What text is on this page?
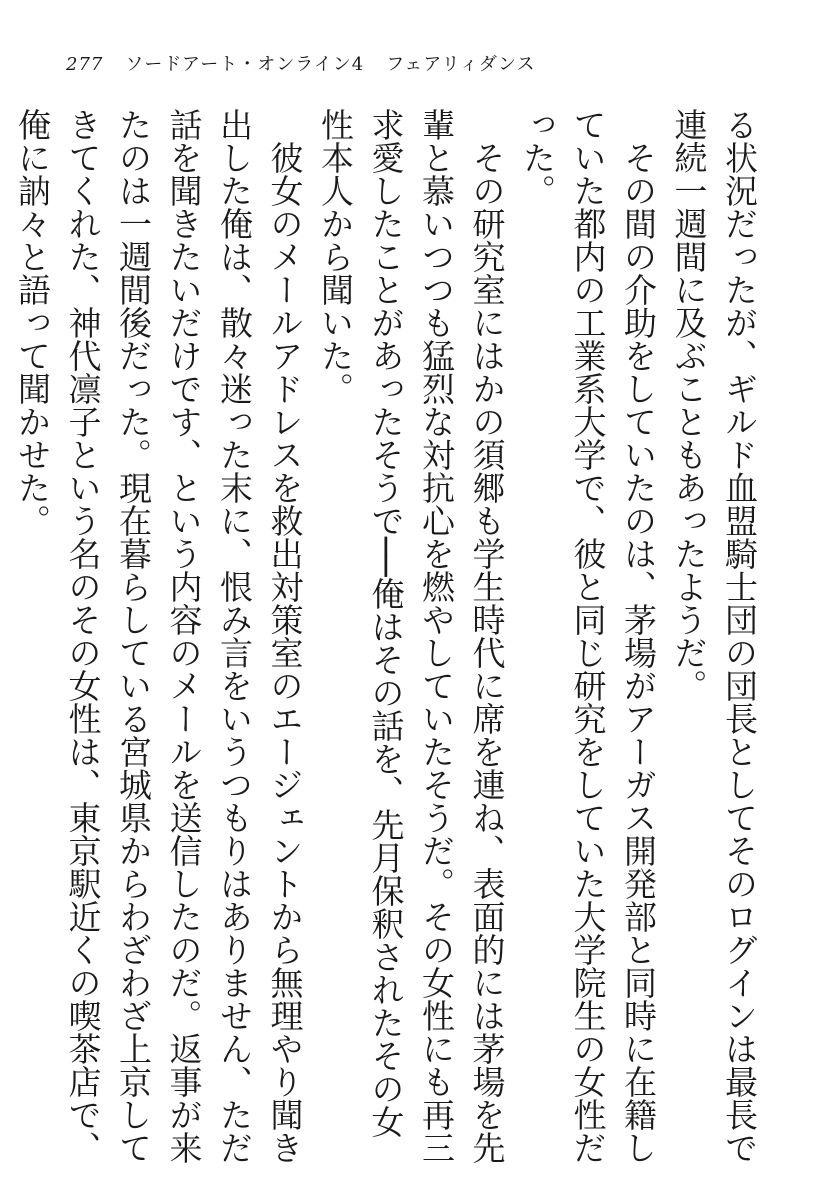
277 ソードアート・オンライン4 フェアリィダンス

る状況だったが、ギルド血盟騎士団の団長としてそのログインは最長で連続一週間に及ぶこともあったようだ。

その間の介助をしていたのは、茅場がアーガス開発部と同時に在籍していた都内の工業系大学で、彼と同じ研究をしていた大学院生の女性だった。

その研究室にはかの須郷も学生時代に席を連ね、表面的には茅場を先輩と慕いつつも猛烈な対抗心を燃やしていたそうだ。その女性にも再三求愛したことがあったそうで──俺はその話を、先月保釈されたその女性本人から聞いた。

彼女のメールアドレスを救出対策室のエージェントから無理やり聞き出した俺は、散々迷った末に、恨み言をいうつもりはありません、ただ話を聞きたいだけです、という内容のメールを送信したのだ。返事が来たのは一週間後だった。現在暮らしている宮城県からわざわざ上京してきてくれた、神代凛子という名のその女性は、東京駅近くの喫茶店で、俺に訥々と語って聞かせた。
